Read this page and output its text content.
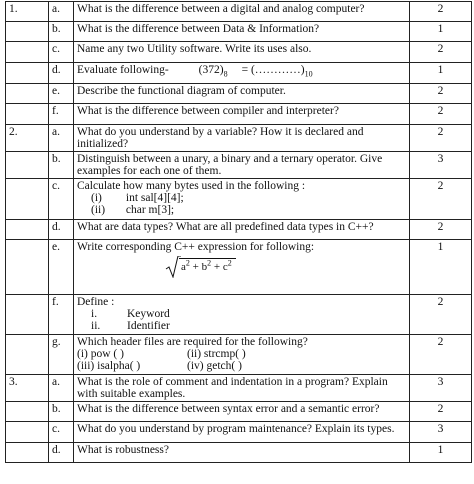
1.	a.	What is the difference between a digital and analog computer?	2
	b.	What is the difference between Data & Information?	1
	c.	Name any two Utility software. Write its uses also.	2
	d.	Evaluate following- $(372)_8$ = $(\dots\dots\dots\dots)_{10}$	1
	e.	Describe the functional diagram of computer.	2
	f.	What is the difference between compiler and interpreter?	2
2.	a.	What do you understand by a variable? How it is declared and initialized?	2
	b.	Distinguish between a unary, a binary and a ternary operator. Give examples for each one of them.	3
	c.	Calculate how many bytes used in the following :
(i) int sal[4][4];
(ii) char m[3];	2
	d.	What are data types? What are all predefined data types in C++?	2
	e.	Write corresponding C++ expression for following:
$a^2 + b^2 + c^2$	1
	f.	Define :
i. Keyword
ii. Identifier	2
	g.	Which header files are required for the following?
(i) pow ( ) (ii) strcmp( )
(iii) isalpha( ) (iv) getch( )	2
3.	a.	What is the role of comment and indentation in a program? Explain with suitable examples.	3
	b.	What is the difference between syntax error and a semantic error?	2
	c.	What do you understand by program maintenance? Explain its types.	3
	d.	What is robustness?	1
